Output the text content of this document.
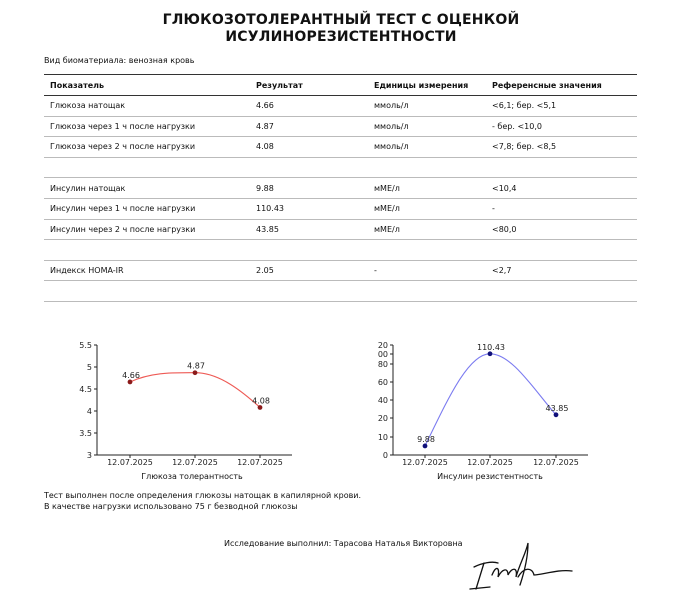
ГЛЮКОЗОТОЛЕРАНТНЫЙ ТЕСТ С ОЦЕНКОЙ
ИСУЛИНОРЕЗИСТЕНТНОСТИ
Вид биоматериала: венозная кровь
Показатель	Результат	Единицы измерения	Референсные значения
Глюкоза натощак	4.66	ммоль/л	<6,1; бер. <5,1
Глюкоза через 1 ч после нагрузки	4.87	ммоль/л	- бер. <10,0
Глюкоза через 2 ч после нагрузки	4.08	ммоль/л	<7,8; бер. <8,5

Инсулин натощак	9.88	мМЕ/л	<10,4
Инсулин через 1 ч после нагрузки	110.43	мМЕ/л	-
Инсулин через 2 ч после нагрузки	43.85	мМЕ/л	<80,0

Индекск HOMA-IR	2.05	-	<2,7

3
3.5
4
4.5
5
5.5
12.07.2025 12.07.2025 12.07.2025
4.66
4.87
4.08
Глюкоза толерантность
0
10
20
40
60
80
00
20
12.07.2025 12.07.2025	12.07.2025
9.88
110.43
43.85
Инсулин резистентность
Тест выполнен после определения глюкозы натощак в капилярной крови.
В качестве нагрузки использовано 75 г безводной глюкозы
Исследование выполнил: Тарасова Наталья Викторовна
